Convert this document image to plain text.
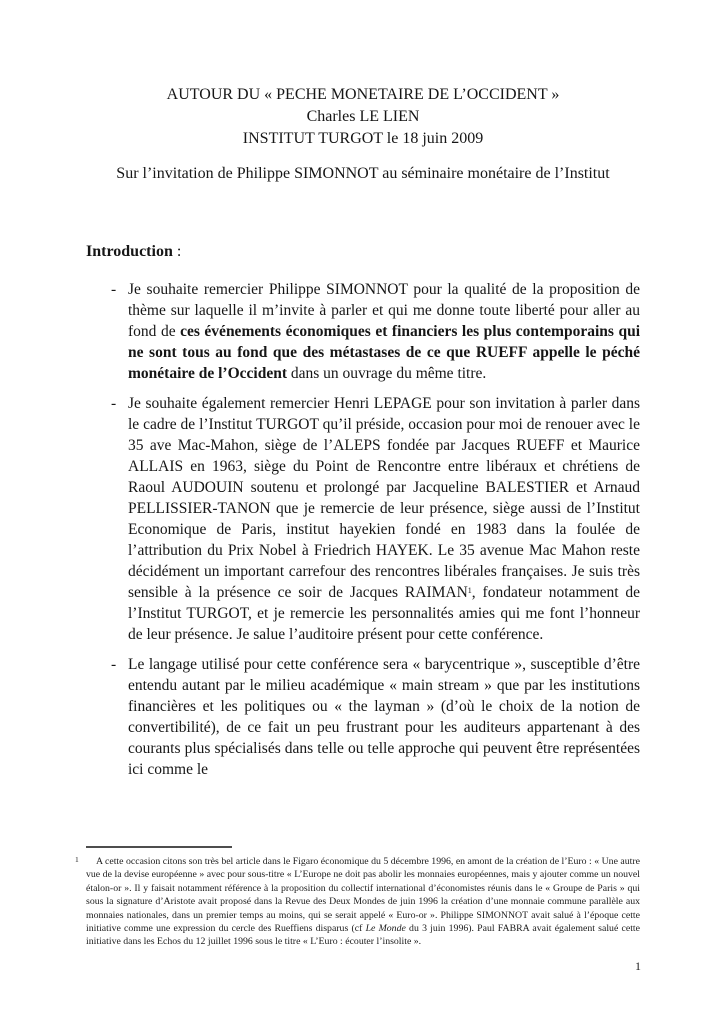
AUTOUR DU « PECHE MONETAIRE DE L’OCCIDENT »
Charles LE LIEN
INSTITUT TURGOT le 18 juin 2009
Sur l’invitation de Philippe SIMONNOT au séminaire monétaire de l’Institut
Introduction :
- Je souhaite remercier Philippe SIMONNOT pour la qualité de la proposition de thème sur laquelle il m’invite à parler et qui me donne toute liberté pour aller au fond de ces événements économiques et financiers les plus contemporains qui ne sont tous au fond que des métastases de ce que RUEFF appelle le péché monétaire de l’Occident dans un ouvrage du même titre.
- Je souhaite également remercier Henri LEPAGE pour son invitation à parler dans le cadre de l’Institut TURGOT qu’il préside, occasion pour moi de renouer avec le 35 ave Mac-Mahon, siège de l’ALEPS fondée par Jacques RUEFF et Maurice ALLAIS en 1963, siège du Point de Rencontre entre libéraux et chrétiens de Raoul AUDOUIN soutenu et prolongé par Jacqueline BALESTIER et Arnaud PELLISSIER-TANON que je remercie de leur présence, siège aussi de l’Institut Economique de Paris, institut hayekien fondé en 1983 dans la foulée de l’attribution du Prix Nobel à Friedrich HAYEK. Le 35 avenue Mac Mahon reste décidément un important carrefour des rencontres libérales françaises. Je suis très sensible à la présence ce soir de Jacques RAIMAN$^1$, fondateur notamment de l’Institut TURGOT, et je remercie les personnalités amies qui me font l’honneur de leur présence. Je salue l’auditoire présent pour cette conférence.
- Le langage utilisé pour cette conférence sera « barycentrique », susceptible d’être entendu autant par le milieu académique « main stream » que par les institutions financières et les politiques ou « the layman » (d’où le choix de la notion de convertibilité), de ce fait un peu frustrant pour les auditeurs appartenant à des courants plus spécialisés dans telle ou telle approche qui peuvent être représentées ici comme le

1 A cette occasion citons son très bel article dans le Figaro économique du 5 décembre 1996, en amont de la création de l’Euro : « Une autre vue de la devise européenne » avec pour sous-titre « L’Europe ne doit pas abolir les monnaies européennes, mais y ajouter comme un nouvel étalon-or ». Il y faisait notamment référence à la proposition du collectif international d’économistes réunis dans le « Groupe de Paris » qui sous la signature d’Aristote avait proposé dans la Revue des Deux Mondes de juin 1996 la création d’une monnaie commune parallèle aux monnaies nationales, dans un premier temps au moins, qui se serait appelé « Euro-or ». Philippe SIMONNOT avait salué à l’époque cette initiative comme une expression du cercle des Rueffiens disparus (cf Le Monde du 3 juin 1996). Paul FABRA avait également salué cette initiative dans les Echos du 12 juillet 1996 sous le titre « L’Euro : écouter l’insolite ».

1
